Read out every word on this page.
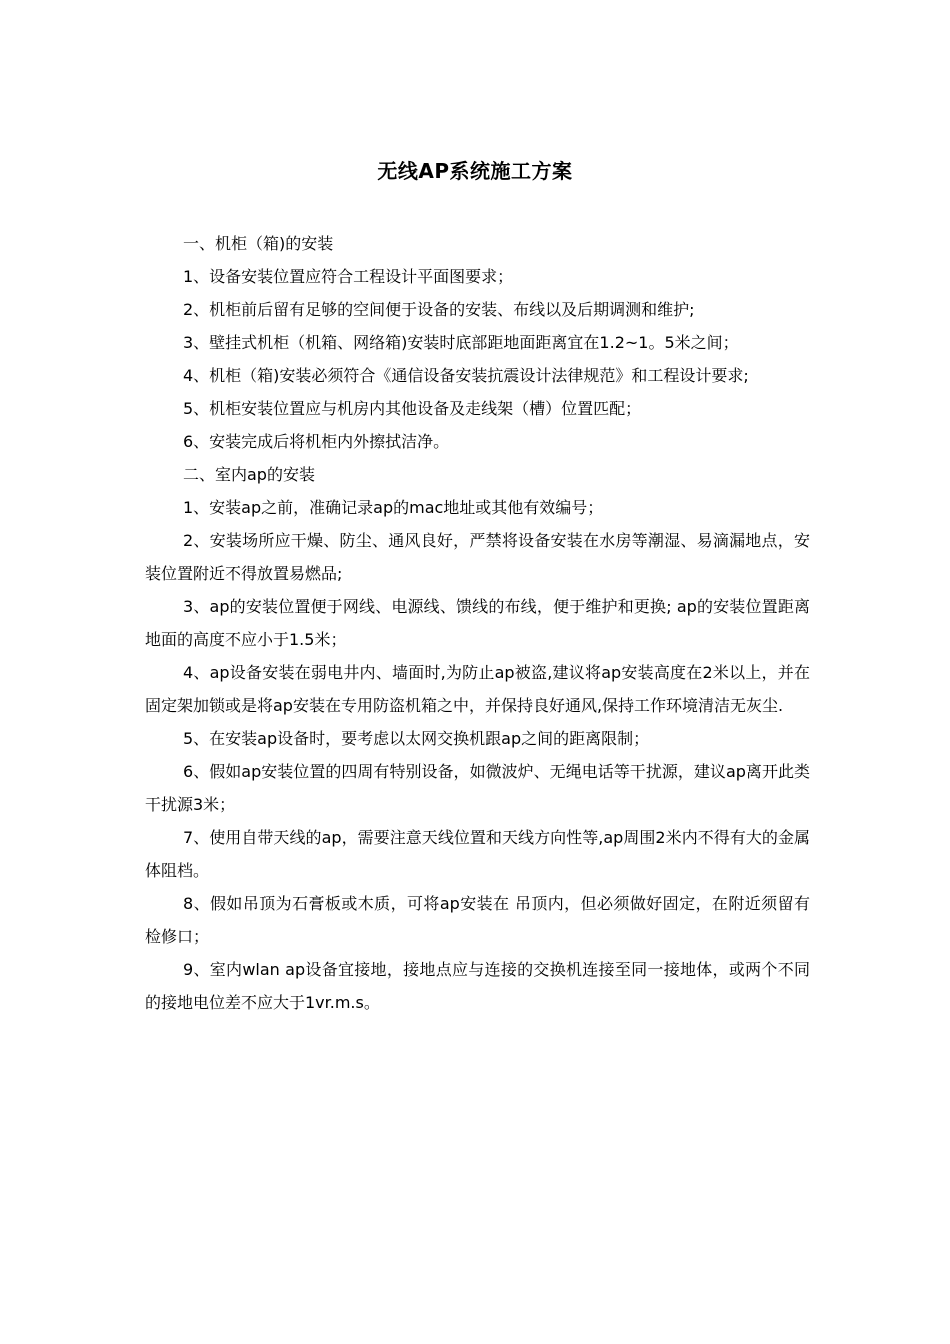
无线AP系统施工方案

一、机柜（箱)的安装

1、设备安装位置应符合工程设计平面图要求；

2、机柜前后留有足够的空间便于设备的安装、布线以及后期调测和维护;

3、壁挂式机柜（机箱、网络箱)安装时底部距地面距离宜在1.2~1。5米之间；

4、机柜（箱)安装必须符合《通信设备安装抗震设计法律规范》和工程设计要求;

5、机柜安装位置应与机房内其他设备及走线架（槽）位置匹配；

6、安装完成后将机柜内外擦拭洁净。

二、室内ap的安装

1、安装ap之前，准确记录ap的mac地址或其他有效编号；

2、安装场所应干燥、防尘、通风良好，严禁将设备安装在水房等潮湿、易滴漏地点，安装位置附近不得放置易燃品;

3、ap的安装位置便于网线、电源线、馈线的布线，便于维护和更换; ap的安装位置距离地面的高度不应小于1.5米；

4、ap设备安装在弱电井内、墙面时,为防止ap被盗,建议将ap安装高度在2米以上，并在固定架加锁或是将ap安装在专用防盗机箱之中，并保持良好通风,保持工作环境清洁无灰尘.

5、在安装ap设备时，要考虑以太网交换机跟ap之间的距离限制；

6、假如ap安装位置的四周有特别设备，如微波炉、无绳电话等干扰源，建议ap离开此类干扰源3米；

7、使用自带天线的ap，需要注意天线位置和天线方向性等,ap周围2米内不得有大的金属体阻档。

8、假如吊顶为石膏板或木质，可将ap安装在 吊顶内，但必须做好固定，在附近须留有检修口；

9、室内wlan ap设备宜接地，接地点应与连接的交换机连接至同一接地体，或两个不同的接地电位差不应大于1vr.m.s。
